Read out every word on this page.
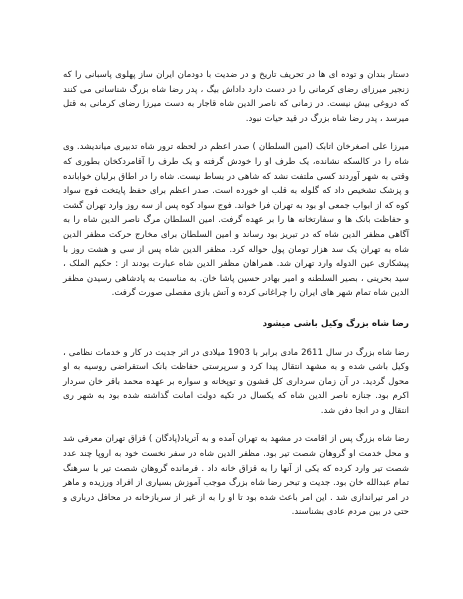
دستار بندان و توده ای ها در تحریف تاریخ و در ضدیت با دودمان ایران ساز پهلوی پاسبانی را که زنجیر میرزای رضای کرمانی را در دست دارد داداش بیگ ، پدر رضا شاه بزرگ شناسانی می کنند که دروغی بیش نیست. در زمانی که ناصر الدین شاه قاجار به دست میرزا رضای کرمانی به قتل میرسد ، پدر رضا شاه بزرگ در قید حیات نبود.

میرزا علی اصغرخان اتابک (امین السلطان ) صدر اعظم در لحظه ترور شاه تدبیری میاندیشد. وی شاه را در کالسکه نشانده، یک طرف او را خودش گرفته و یک طرف را آقامردکخان بطوری که وقتی به شهر آوردند کسی ملتفت نشد که شاهی در بساط نیست. شاه را در اطاق برلیان خوابانده و پزشک تشخیص داد که گلوله به قلب او خورده است. صدر اعظم برای حفظ پایتخت فوج سواد کوه که از ابواب جمعی او بود به تهران فرا خواند. فوج سواد کوه پس از سه روز وارد تهران گشت و حفاظت بانک ها و سفارتخانه ها را بر عهده گرفت. امین السلطان مرگ ناصر الدین شاه را به آگاهی مظفر الدین شاه که در تبریز بود رساند و امین السلطان برای مخارج حرکت مظفر الدین شاه به تهران یک سد هزار تومان پول حواله کرد. مظفر الدین شاه پس از سی و هشت روز با پیشکاری عین الدوله وارد تهران شد. همراهان مظفر الدین شاه عبارت بودند از : حکیم الملک ، سید بحرینی ، بصیر السلطنه و امیر بهادر حسین پاشا خان. به مناسبت به پادشاهی رسیدن مظفر الدین شاه تمام شهر های ایران را چراغانی کرده و آتش بازی مفصلی صورت گرفت.

رضا شاه بزرگ وکیل باشی میشود

رضا شاه بزرگ در سال 2611 مادی برابر با 1903 میلادی در اثر جدیت در کار و خدمات نظامی ، وکیل باشی شده و به مشهد انتقال پیدا کرد و سرپرستی حفاظت بانک استقراضی روسیه به او محول گردید. در آن زمان سرداری کل قشون و توپخانه و سواره بر عهده محمد باقر خان سردار اکرم بود. جنازه ناصر الدین شاه که یکسال در تکیه دولت امانت گذاشته شده بود به شهر ری انتقال و در انجا دفن شد.

رضا شاه بزرگ پس از اقامت در مشهد به تهران آمده و به آتریاد(پادگان ) قزاق تهران معرفی شد و محل خدمت او گروهان شصت تیر بود. مظفر الدین شاه در سفر نخست خود به اروپا چند عدد شصت تیر وارد کرده که یکی از آنها را به قزاق خانه داد . فرمانده گروهان شصت تیر با سرهنگ تمام عبدالله خان بود. جدیت و تبحر رضا شاه بزرگ موجب آموزش بسیاری از افراد ورزیده و ماهر در امر تیراندازی شد . این امر باعث شده بود تا او را به از غیر از سربازخانه در محافل درباری و حتی در بین مردم عادی بشناسند.
